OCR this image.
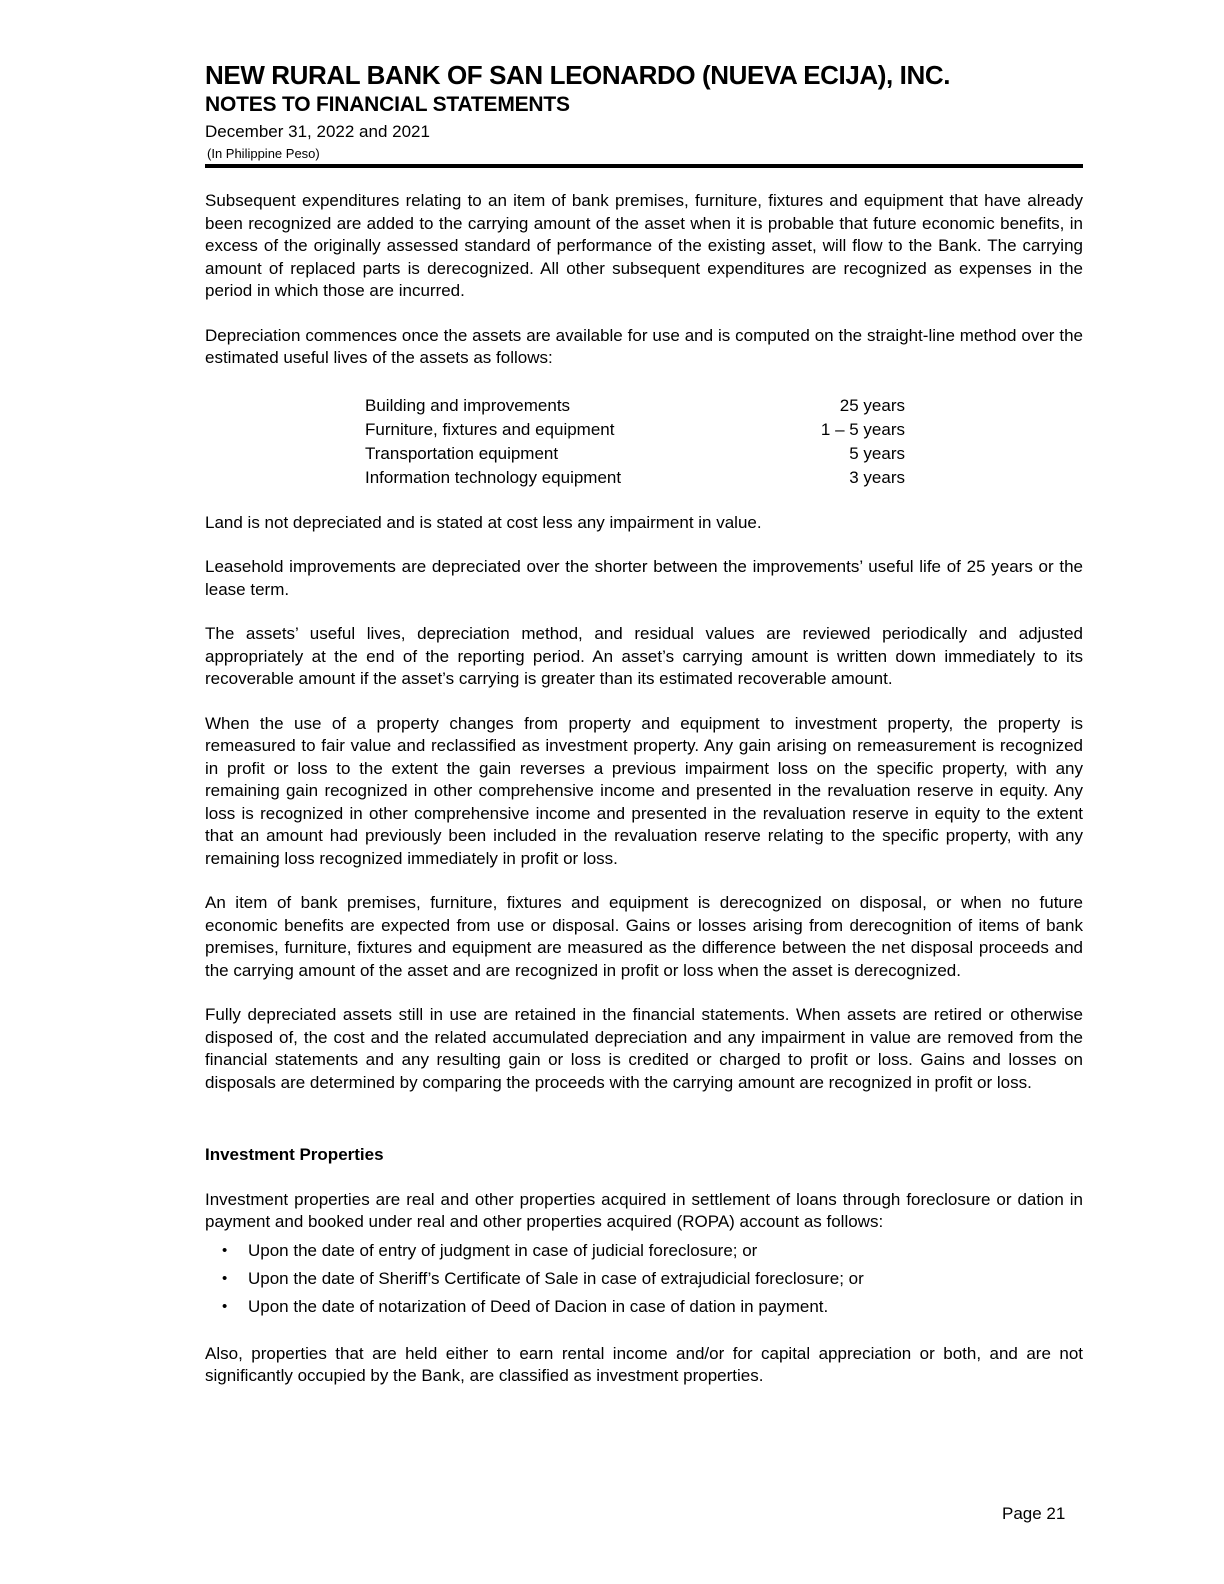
NEW RURAL BANK OF SAN LEONARDO (NUEVA ECIJA), INC.
NOTES TO FINANCIAL STATEMENTS
December 31, 2022 and 2021
(In Philippine Peso)

Subsequent expenditures relating to an item of bank premises, furniture, fixtures and equipment that have already been recognized are added to the carrying amount of the asset when it is probable that future economic benefits, in excess of the originally assessed standard of performance of the existing asset, will flow to the Bank. The carrying amount of replaced parts is derecognized. All other subsequent expenditures are recognized as expenses in the period in which those are incurred.

Depreciation commences once the assets are available for use and is computed on the straight-line method over the estimated useful lives of the assets as follows:

Building and improvements	25 years
Furniture, fixtures and equipment	1 – 5 years
Transportation equipment	5 years
Information technology equipment	3 years

Land is not depreciated and is stated at cost less any impairment in value.

Leasehold improvements are depreciated over the shorter between the improvements’ useful life of 25 years or the lease term.

The assets’ useful lives, depreciation method, and residual values are reviewed periodically and adjusted appropriately at the end of the reporting period. An asset’s carrying amount is written down immediately to its recoverable amount if the asset’s carrying is greater than its estimated recoverable amount.

When the use of a property changes from property and equipment to investment property, the property is remeasured to fair value and reclassified as investment property. Any gain arising on remeasurement is recognized in profit or loss to the extent the gain reverses a previous impairment loss on the specific property, with any remaining gain recognized in other comprehensive income and presented in the revaluation reserve in equity. Any loss is recognized in other comprehensive income and presented in the revaluation reserve in equity to the extent that an amount had previously been included in the revaluation reserve relating to the specific property, with any remaining loss recognized immediately in profit or loss.

An item of bank premises, furniture, fixtures and equipment is derecognized on disposal, or when no future economic benefits are expected from use or disposal. Gains or losses arising from derecognition of items of bank premises, furniture, fixtures and equipment are measured as the difference between the net disposal proceeds and the carrying amount of the asset and are recognized in profit or loss when the asset is derecognized.

Fully depreciated assets still in use are retained in the financial statements. When assets are retired or otherwise disposed of, the cost and the related accumulated depreciation and any impairment in value are removed from the financial statements and any resulting gain or loss is credited or charged to profit or loss. Gains and losses on disposals are determined by comparing the proceeds with the carrying amount are recognized in profit or loss.

Investment Properties

Investment properties are real and other properties acquired in settlement of loans through foreclosure or dation in payment and booked under real and other properties acquired (ROPA) account as follows:

•	Upon the date of entry of judgment in case of judicial foreclosure; or
•	Upon the date of Sheriff’s Certificate of Sale in case of extrajudicial foreclosure; or
•	Upon the date of notarization of Deed of Dacion in case of dation in payment.

Also, properties that are held either to earn rental income and/or for capital appreciation or both, and are not significantly occupied by the Bank, are classified as investment properties.

Page 21
